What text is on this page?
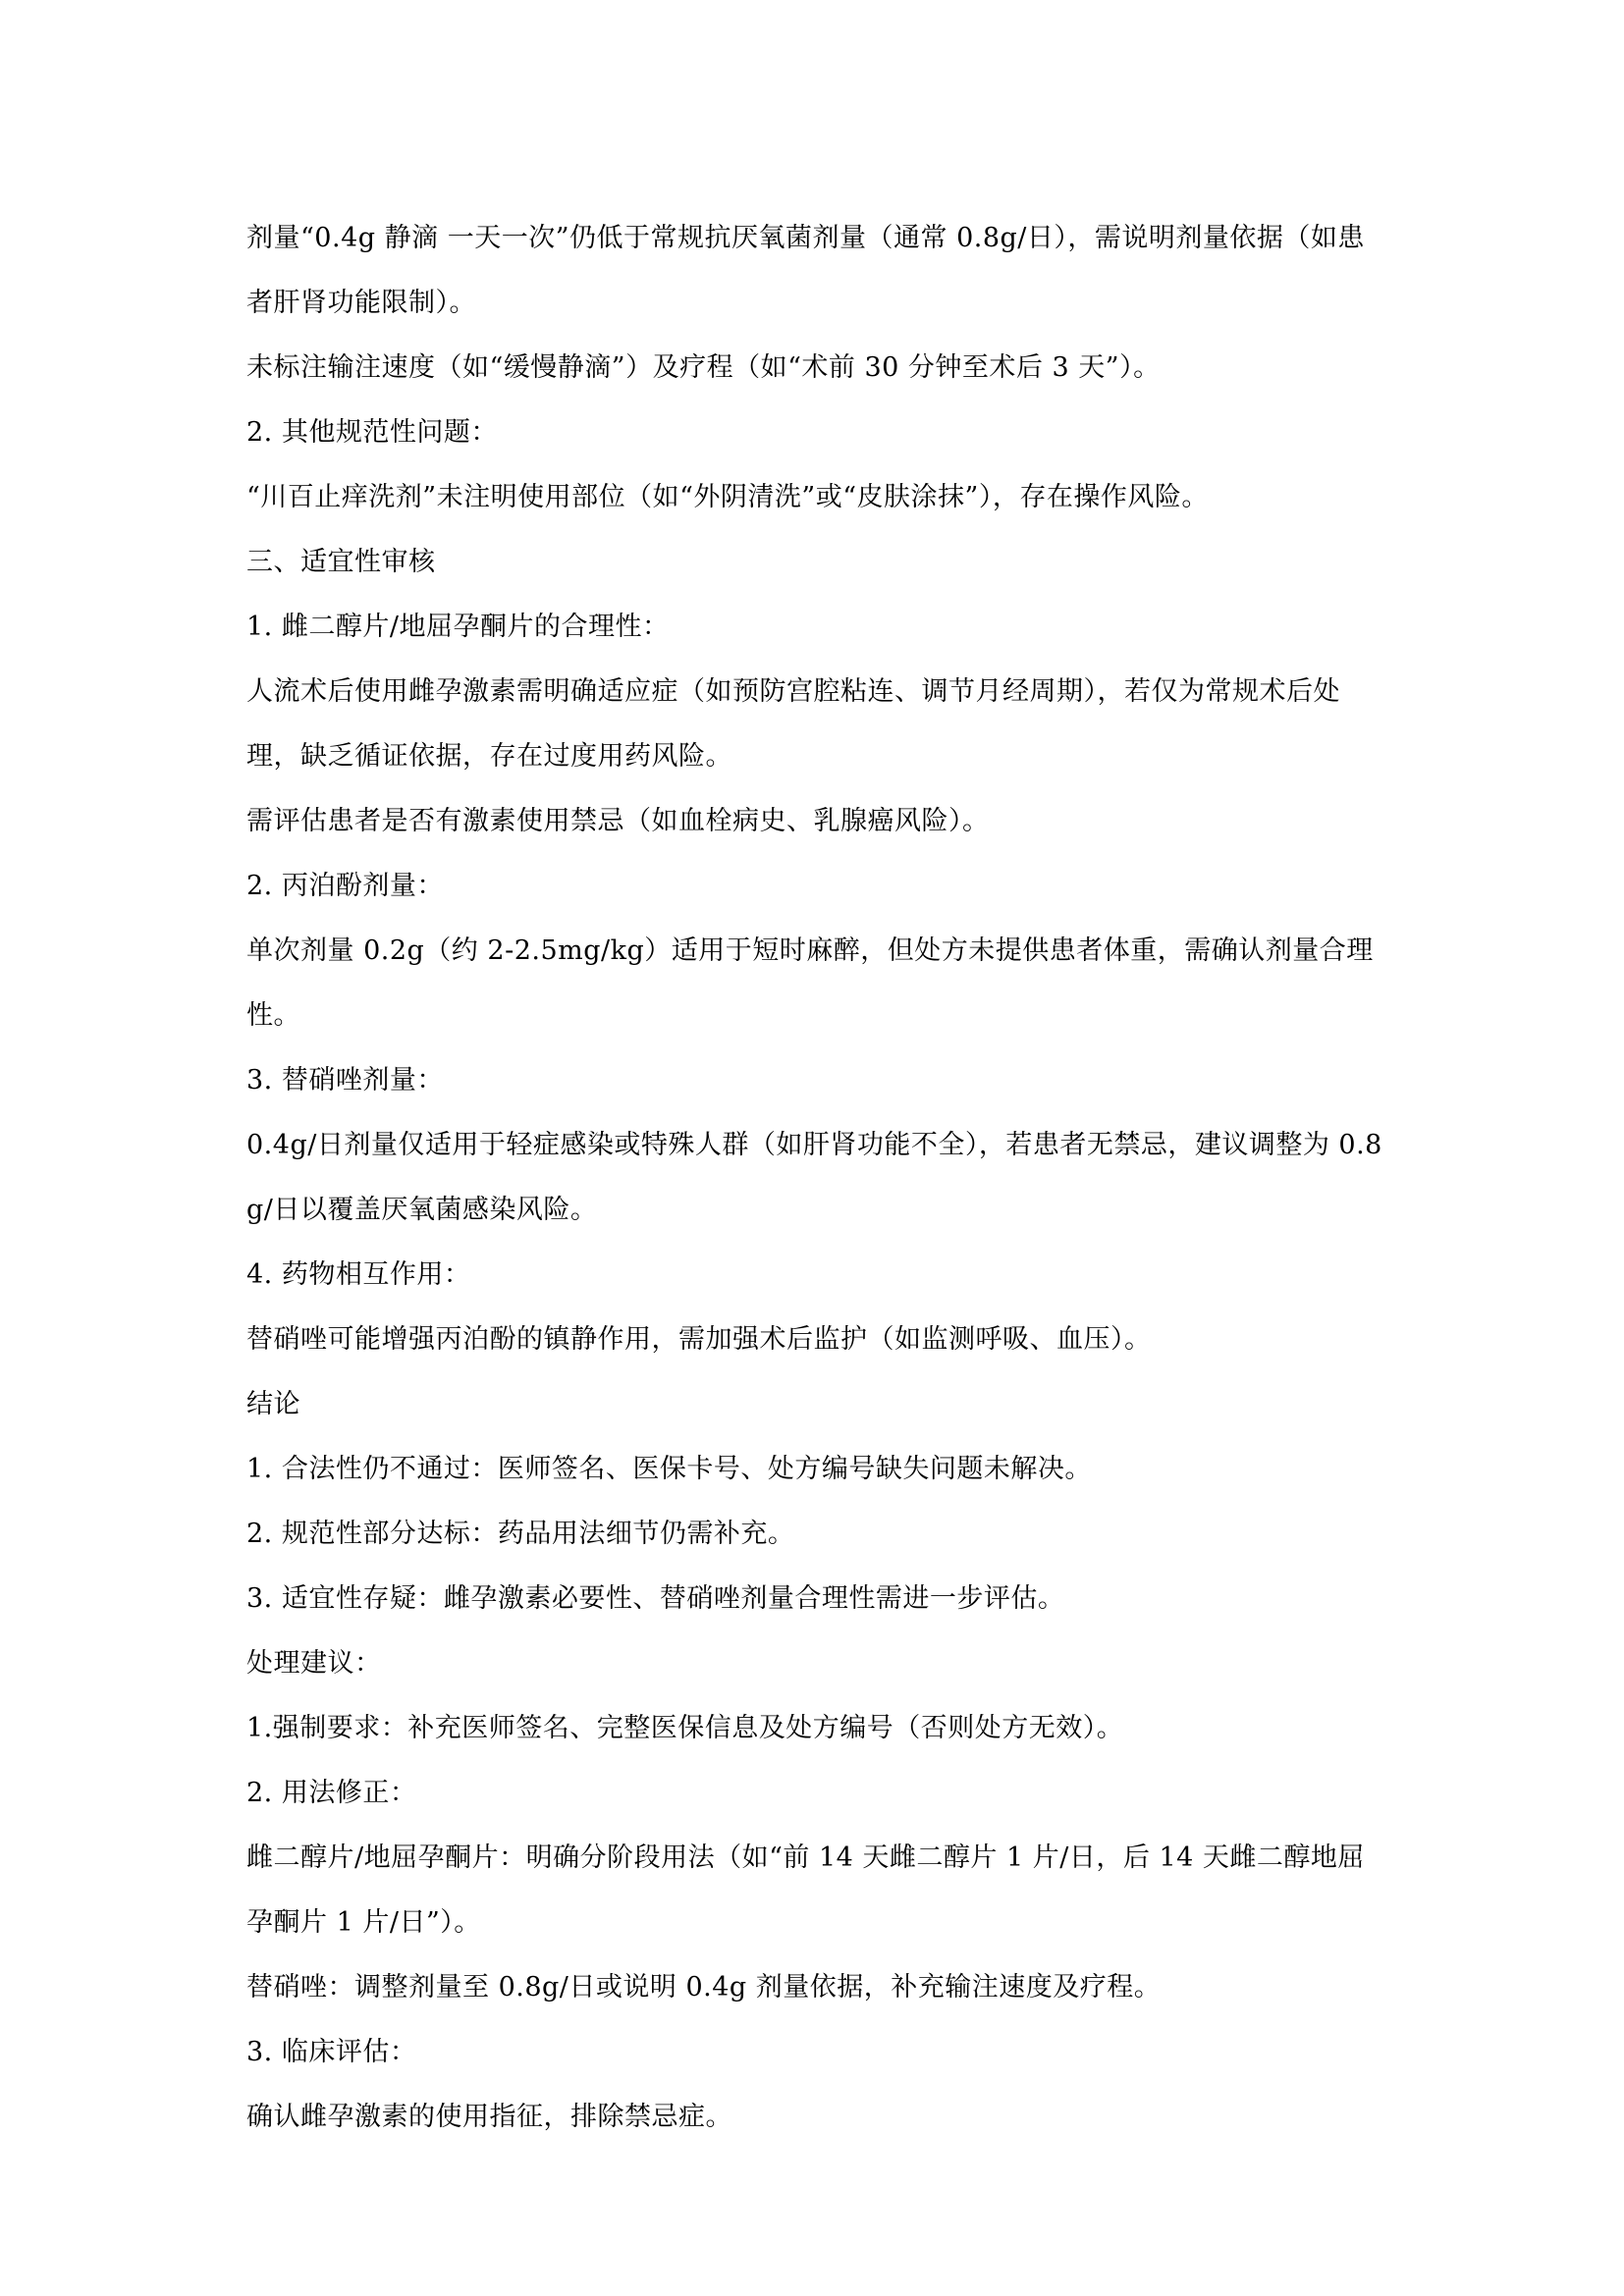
剂量“0.4g 静滴 一天一次”仍低于常规抗厌氧菌剂量（通常 0.8g/日），需说明剂量依据（如患者肝肾功能限制）。

未标注输注速度（如“缓慢静滴”）及疗程（如“术前 30 分钟至术后 3 天”）。

2. 其他规范性问题：

“川百止痒洗剂”未注明使用部位（如“外阴清洗”或“皮肤涂抹”），存在操作风险。

三、适宜性审核

1. 雌二醇片/地屈孕酮片的合理性：

人流术后使用雌孕激素需明确适应症（如预防宫腔粘连、调节月经周期），若仅为常规术后处理，缺乏循证依据，存在过度用药风险。

需评估患者是否有激素使用禁忌（如血栓病史、乳腺癌风险）。

2. 丙泊酚剂量：

单次剂量 0.2g（约 2-2.5mg/kg）适用于短时麻醉，但处方未提供患者体重，需确认剂量合理性。

3. 替硝唑剂量：

0.4g/日剂量仅适用于轻症感染或特殊人群（如肝肾功能不全），若患者无禁忌，建议调整为 0.8g/日以覆盖厌氧菌感染风险。

4. 药物相互作用：

替硝唑可能增强丙泊酚的镇静作用，需加强术后监护（如监测呼吸、血压）。

结论

1. 合法性仍不通过：医师签名、医保卡号、处方编号缺失问题未解决。

2. 规范性部分达标：药品用法细节仍需补充。

3. 适宜性存疑：雌孕激素必要性、替硝唑剂量合理性需进一步评估。

处理建议：

1.强制要求：补充医师签名、完整医保信息及处方编号（否则处方无效）。

2. 用法修正：

雌二醇片/地屈孕酮片：明确分阶段用法（如“前 14 天雌二醇片 1 片/日，后 14 天雌二醇地屈孕酮片 1 片/日”）。

替硝唑：调整剂量至 0.8g/日或说明 0.4g 剂量依据，补充输注速度及疗程。

3. 临床评估：

确认雌孕激素的使用指征，排除禁忌症。
